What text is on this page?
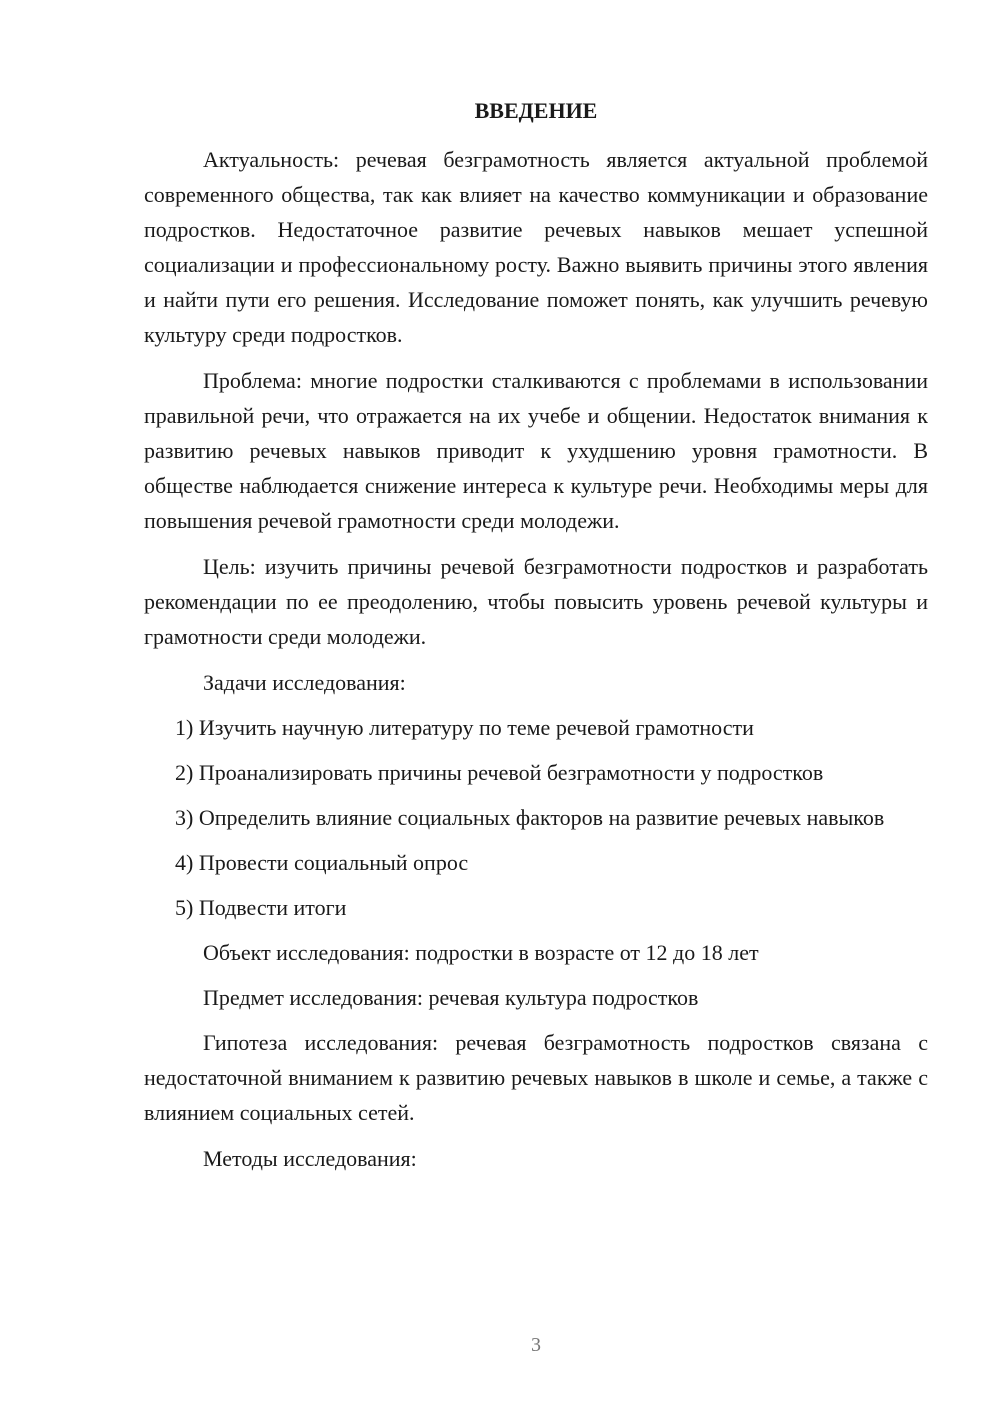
ВВЕДЕНИЕ

Актуальность: речевая безграмотность является актуальной проблемой современного общества, так как влияет на качество коммуникации и образование подростков. Недостаточное развитие речевых навыков мешает успешной социализации и профессиональному росту. Важно выявить причины этого явления и найти пути его решения. Исследование поможет понять, как улучшить речевую культуру среди подростков.

Проблема: многие подростки сталкиваются с проблемами в использовании правильной речи, что отражается на их учебе и общении. Недостаток внимания к развитию речевых навыков приводит к ухудшению уровня грамотности. В обществе наблюдается снижение интереса к культуре речи. Необходимы меры для повышения речевой грамотности среди молодежи.

Цель: изучить причины речевой безграмотности подростков и разработать рекомендации по ее преодолению, чтобы повысить уровень речевой культуры и грамотности среди молодежи.

Задачи исследования:

1) Изучить научную литературу по теме речевой грамотности

2) Проанализировать причины речевой безграмотности у подростков

3) Определить влияние социальных факторов на развитие речевых навыков

4) Провести социальный опрос

5) Подвести итоги

Объект исследования: подростки в возрасте от 12 до 18 лет

Предмет исследования: речевая культура подростков

Гипотеза исследования: речевая безграмотность подростков связана с недостаточной вниманием к развитию речевых навыков в школе и семье, а также с влиянием социальных сетей.

Методы исследования:

3
